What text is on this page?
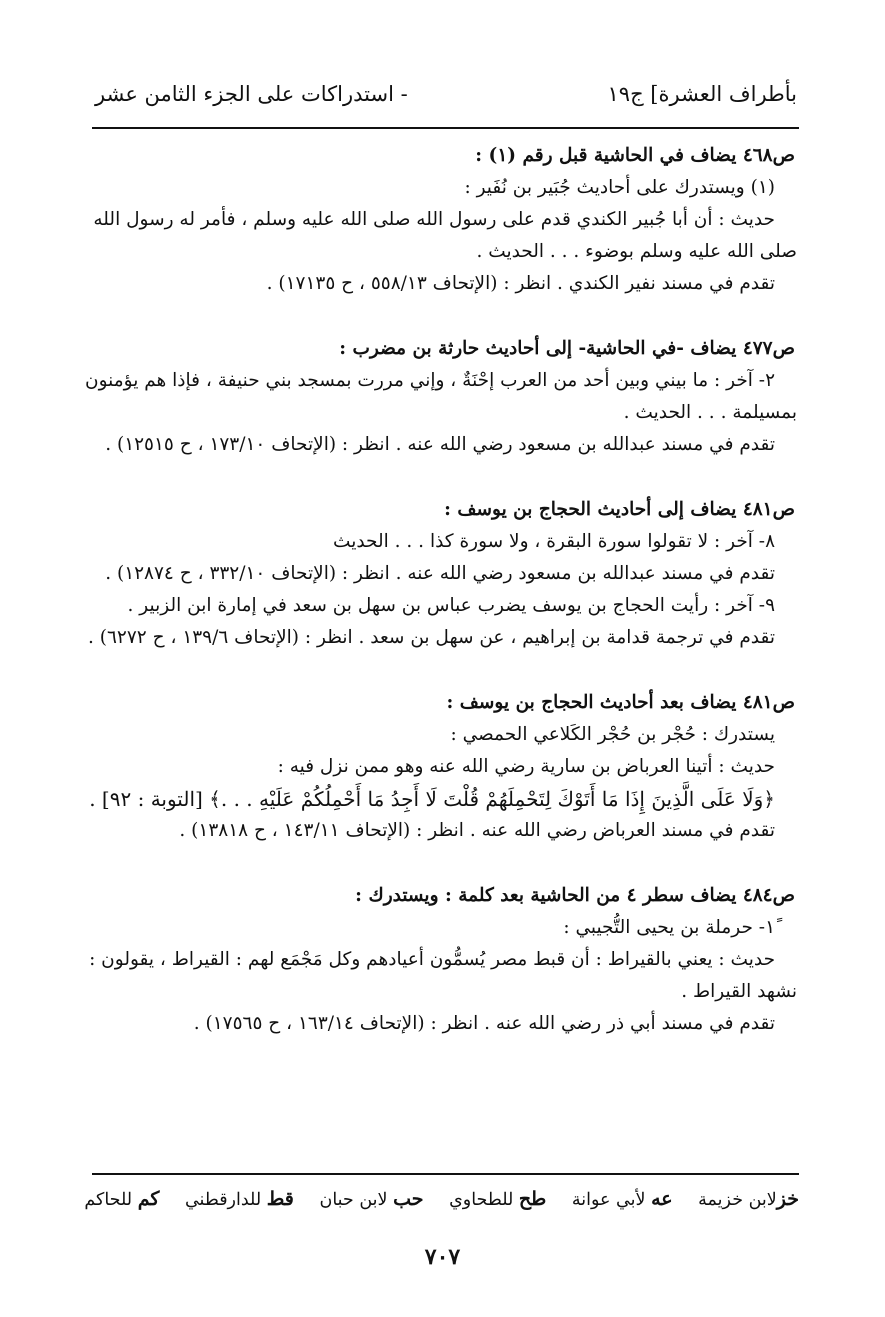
بأطراف العشرة] ج١٩
- استدراكات على الجزء الثامن عشر
ص٤٦٨ يضاف في الحاشية قبل رقم (١) :
(١) ويستدرك على أحاديث جُبَير بن نُفَير :
حديث : أن أبا جُبير الكندي قدم على رسول الله صلى الله عليه وسلم ، فأمر له رسول الله
صلى الله عليه وسلم بوضوء . . . الحديث .
تقدم في مسند نفير الكندي . انظر : (الإتحاف ٥٥٨/١٣ ، ح ١٧١٣٥) .
ص٤٧٧ يضاف -في الحاشية- إلى أحاديث حارثة بن مضرب :
٢- آخر : ما بيني وبين أحد من العرب إحْنَةٌ ، وإني مررت بمسجد بني حنيفة ، فإذا هم يؤمنون
بمسيلمة . . . الحديث .
تقدم في مسند عبدالله بن مسعود رضي الله عنه . انظر : (الإتحاف ١٧٣/١٠ ، ح ١٢٥١٥) .
ص٤٨١ يضاف إلى أحاديث الحجاج بن يوسف :
٨- آخر : لا تقولوا سورة البقرة ، ولا سورة كذا . . . الحديث
تقدم في مسند عبدالله بن مسعود رضي الله عنه . انظر : (الإتحاف ٣٣٢/١٠ ، ح ١٢٨٧٤) .
٩- آخر : رأيت الحجاج بن يوسف يضرب عباس بن سهل بن سعد في إمارة ابن الزبير .
تقدم في ترجمة قدامة بن إبراهيم ، عن سهل بن سعد . انظر : (الإتحاف ١٣٩/٦ ، ح ٦٢٧٢) .
ص٤٨١ يضاف بعد أحاديث الحجاج بن يوسف :
يستدرك : حُجْر بن حُجْر الكَلاعي الحمصي :
حديث : أتينا العرباض بن سارية رضي الله عنه وهو ممن نزل فيه :
﴿وَلَا عَلَى الَّذِينَ إِذَا مَا أَتَوْكَ لِتَحْمِلَهُمْ قُلْتَ لَا أَجِدُ مَا أَحْمِلُكُمْ عَلَيْهِ . . .﴾ [التوبة : ٩٢] .
تقدم في مسند العرباض رضي الله عنه . انظر : (الإتحاف ١٤٣/١١ ، ح ١٣٨١٨) .
ص٤٨٤ يضاف سطر ٤ من الحاشية بعد كلمة : ويستدرك :
١ً- حرملة بن يحيى التُّجيبي :
حديث : يعني بالقيراط : أن قبط مصر يُسمُّون أعيادهم وكل مَجْمَع لهم : القيراط ، يقولون :
نشهد القيراط .
تقدم في مسند أبي ذر رضي الله عنه . انظر : (الإتحاف ١٦٣/١٤ ، ح ١٧٥٦٥) .
خزلابن خزيمة عه لأبي عوانة طح للطحاوي حب لابن حبان قط للدارقطني كم للحاكم
٧٠٧
